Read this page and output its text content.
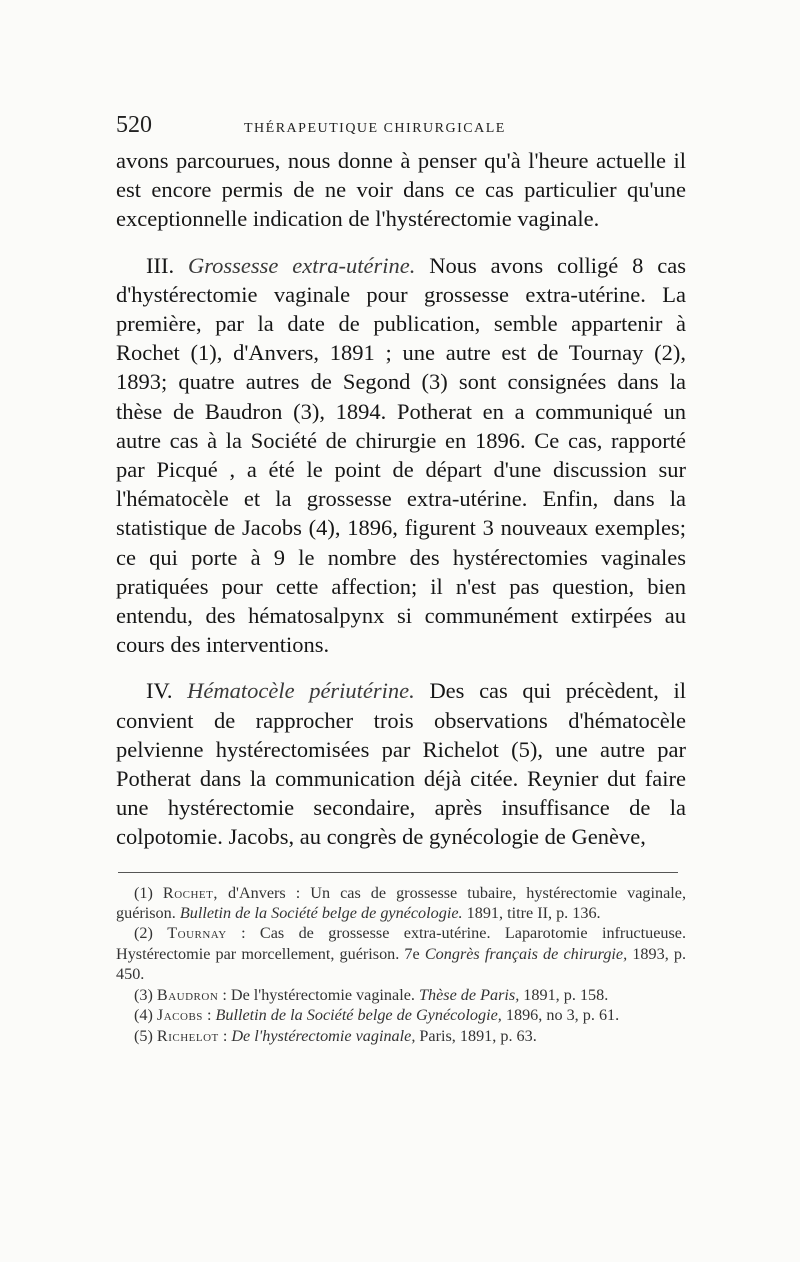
520	THÉRAPEUTIQUE CHIRURGICALE

avons parcourues, nous donne à penser qu'à l'heure actuelle il est encore permis de ne voir dans ce cas particulier qu'une exceptionnelle indication de l'hystérectomie vaginale.

III. Grossesse extra-utérine. Nous avons colligé 8 cas d'hystérectomie vaginale pour grossesse extra-utérine. La première, par la date de publication, semble appartenir à Rochet (1), d'Anvers, 1891 ; une autre est de Tournay (2), 1893; quatre autres de Segond (3) sont consignées dans la thèse de Baudron (3), 1894. Potherat en a communiqué un autre cas à la Société de chirurgie en 1896. Ce cas, rapporté par Picqué , a été le point de départ d'une discussion sur l'hématocèle et la grossesse extra-utérine. Enfin, dans la statistique de Jacobs (4), 1896, figurent 3 nouveaux exemples; ce qui porte à 9 le nombre des hystérectomies vaginales pratiquées pour cette affection; il n'est pas question, bien entendu, des hématosalpynx si communément extirpées au cours des interventions.

IV. Hématocèle périutérine. Des cas qui précèdent, il convient de rapprocher trois observations d'hématocèle pelvienne hystérectomisées par Richelot (5), une autre par Potherat dans la communication déjà citée. Reynier dut faire une hystérectomie secondaire, après insuffisance de la colpotomie. Jacobs, au congrès de gynécologie de Genève,

(1) Rochet, d'Anvers : Un cas de grossesse tubaire, hystérectomie vaginale, guérison. Bulletin de la Société belge de gynécologie. 1891, titre II, p. 136.

(2) Tournay : Cas de grossesse extra-utérine. Laparotomie infructueuse. Hystérectomie par morcellement, guérison. 7e Congrès français de chirurgie, 1893, p. 450.

(3) Baudron : De l'hystérectomie vaginale. Thèse de Paris, 1891, p. 158.

(4) Jacobs : Bulletin de la Société belge de Gynécologie, 1896, no 3, p. 61.

(5) Richelot : De l'hystérectomie vaginale, Paris, 1891, p. 63.
